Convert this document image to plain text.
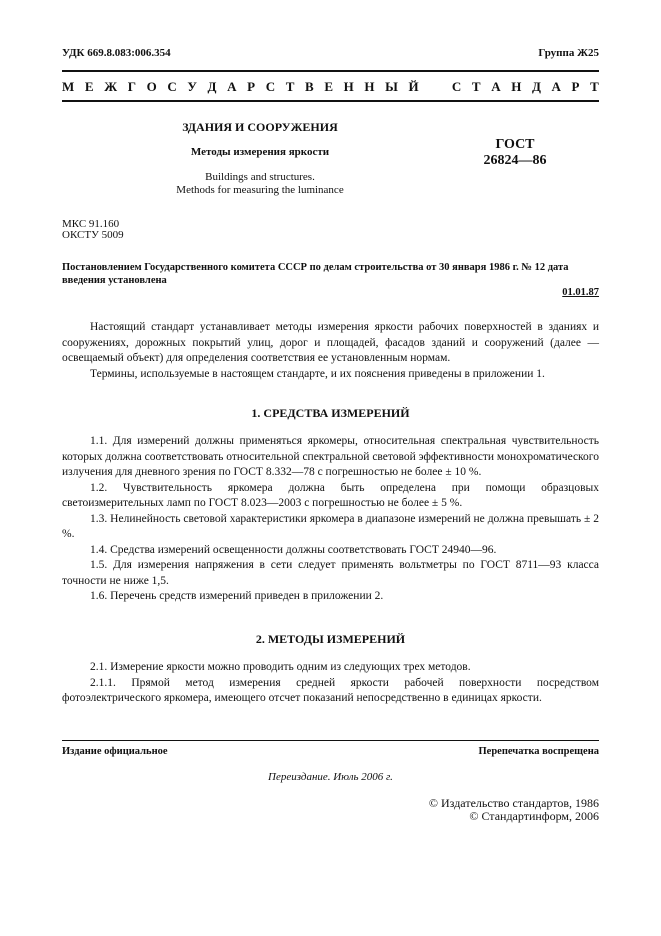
УДК 669.8.083:006.354	Группа Ж25
М Е Ж Г О С У Д А Р С Т В Е Н Н Ы Й	С Т А Н Д А Р Т
ЗДАНИЯ И СООРУЖЕНИЯ
Методы измерения яркости
Buildings and structures.
Methods for measuring the luminance
ГОСТ
26824—86
МКС 91.160
ОКСТУ 5009
Постановлением Государственного комитета СССР по делам строительства от 30 января 1986 г. № 12 дата введения установлена
01.01.87

Настоящий стандарт устанавливает методы измерения яркости рабочих поверхностей в зданиях и сооружениях, дорожных покрытий улиц, дорог и площадей, фасадов зданий и сооружений (далее — освещаемый объект) для определения соответствия ее установленным нормам.

Термины, используемые в настоящем стандарте, и их пояснения приведены в приложении 1.

1. СРЕДСТВА ИЗМЕРЕНИЙ

1.1. Для измерений должны применяться яркомеры, относительная спектральная чувствительность которых должна соответствовать относительной спектральной световой эффективности монохроматического излучения для дневного зрения по ГОСТ 8.332—78 с погрешностью не более ± 10 %.

1.2. Чувствительность яркомера должна быть определена при помощи образцовых светоизмерительных ламп по ГОСТ 8.023—2003 с погрешностью не более ± 5 %.

1.3. Нелинейность световой характеристики яркомера в диапазоне измерений не должна превышать ± 2 %.

1.4. Средства измерений освещенности должны соответствовать ГОСТ 24940—96.

1.5. Для измерения напряжения в сети следует применять вольтметры по ГОСТ 8711—93 класса точности не ниже 1,5.

1.6. Перечень средств измерений приведен в приложении 2.

2. МЕТОДЫ ИЗМЕРЕНИЙ

2.1. Измерение яркости можно проводить одним из следующих трех методов.

2.1.1. Прямой метод измерения средней яркости рабочей поверхности посредством фотоэлектрического яркомера, имеющего отсчет показаний непосредственно в единицах яркости.

Издание официальное	Перепечатка воспрещена
Переиздание. Июль 2006 г.
© Издательство стандартов, 1986
© Стандартинформ, 2006
